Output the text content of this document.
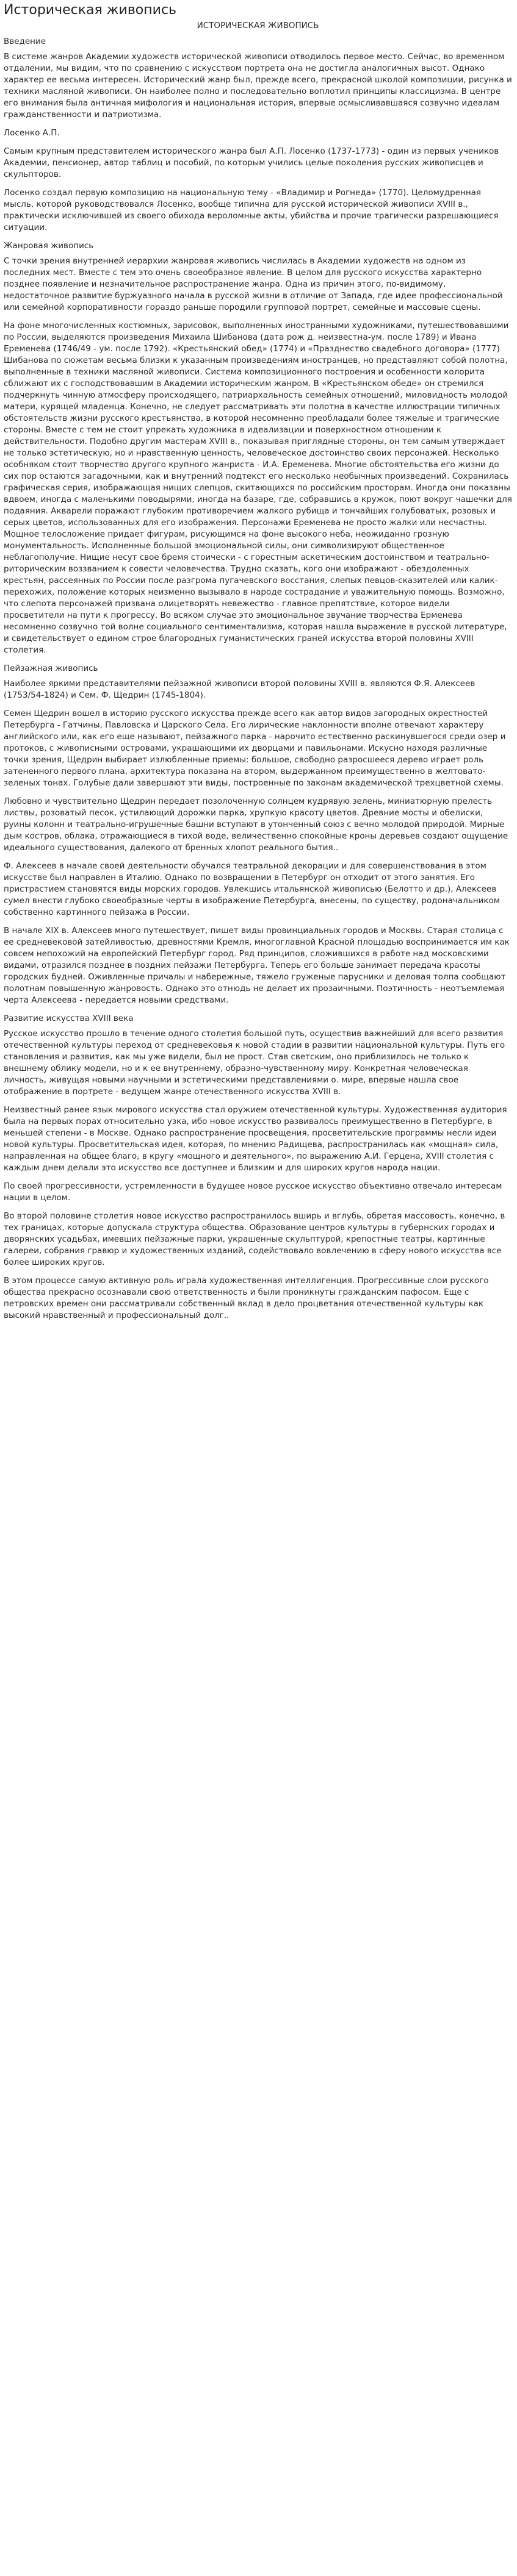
Историческая живопись
ИСТОРИЧЕСКАЯ ЖИВОПИСЬ
Введение

В системе жанров Академии художеств исторической живописи отводилось первое место. Сейчас, во временном отдалении, мы видим, что по сравнению с искусством портрета она не достигла аналогичных высот. Однако характер ее весьма интересен. Исторический жанр был, прежде всего, прекрасной школой композиции, рисунка и техники масляной живописи. Он наиболее полно и последовательно воплотил принципы классицизма. В центре его внимания была античная мифология и национальная история, впервые осмысливавшаяся созвучно идеалам гражданственности и патриотизма.

Лосенко А.П.

Самым крупным представителем исторического жанра был А.П. Лосенко (1737-1773) - один из первых учеников Академии, пенсионер, автор таблиц и пособий, по которым учились целые поколения русских живописцев и скульпторов.

Лосенко создал первую композицию на национальную тему - «Владимир и Рогнеда» (1770). Целомудренная мысль, которой руководствовался Лосенко, вообще типична для русской исторической живописи XVIII в., практически исключившей из своего обихода вероломные акты, убийства и прочие трагически разрешающиеся ситуации.

Жанровая живопись

С точки зрения внутренней иерархии жанровая живопись числилась в Академии художеств на одном из последних мест. Вместе с тем это очень своеобразное явление. В целом для русского искусства характерно позднее появление и незначительное распространение жанра. Одна из причин этого, по-видимому, недостаточное развитие буржуазного начала в русской жизни в отличие от Запада, где идее профессиональной или семейной корпоративности гораздо раньше породили групповой портрет, семейные и массовые сцены.

На фоне многочисленных костюмных, зарисовок, выполненных иностранными художниками, путешествовавшими по России, выделяются произведения Михаила Шибанова (дата рож д. неизвестна-ум. после 1789) и Ивана Еременева (1746/49 - ум. после 1792). «Крестьянский обед» (1774) и «Празднество свадебного договора» (1777) Шибанова по сюжетам весьма близки к указанным произведениям иностранцев, но представляют собой полотна, выполненные в техники масляной живописи. Система композиционного построения и особенности колорита сближают их с господствовавшим в Академии историческим жанром. В «Крестьянском обеде» он стремился подчеркнуть чинную атмосферу происходящего, патриархальность семейных отношений, миловидность молодой матери, курящей младенца. Конечно, не следует рассматривать эти полотна в качестве иллюстрации типичных обстоятельств жизни русского крестьянства, в которой несомненно преобладали более тяжелые и трагические стороны. Вместе с тем не стоит упрекать художника в идеализации и поверхностном отношении к действительности. Подобно другим мастерам XVIII в., показывая приглядные стороны, он тем самым утверждает не только эстетическую, но и нравственную ценность, человеческое достоинство своих персонажей. Несколько особняком стоит творчество другого крупного жанриста - И.А. Еременева. Многие обстоятельства его жизни до сих пор остаются загадочными, как и внутренний подтекст его несколько необычных произведений. Сохранилась графическая серия, изображающая нищих слепцов, скитающихся по российским просторам. Иногда они показаны вдвоем, иногда с маленькими поводырями, иногда на базаре, где, собравшись в кружок, поют вокруг чашечки для подаяния. Акварели поражают глубоким противоречием жалкого рубища и тончайших голубоватых, розовых и серых цветов, использованных для его изображения. Персонажи Еременева не просто жалки или несчастны. Мощное телосложение придает фигурам, рисующимся на фоне высокого неба, неожиданно грозную монументальность. Исполненные большой эмоциональной силы, они символизируют общественное неблагополучие. Нищие несут свое бремя стоически - с горестным аскетическим достоинством и театрально-риторическим воззванием к совести человечества. Трудно сказать, кого они изображают - обездоленных крестьян, рассеянных по России после разгрома пугачевского восстания, слепых певцов-сказителей или калик-перехожих, положение которых неизменно вызывало в народе сострадание и уважительную помощь. Возможно, что слепота персонажей призвана олицетворять невежество - главное препятствие, которое видели просветители на пути к прогрессу. Во всяком случае это эмоциональное звучание творчества Ерменева несомненно созвучно той волне социального сентиментализма, которая нашла выражение в русской литературе, и свидетельствует о едином строе благородных гуманистических граней искусства второй половины XVIII столетия.

Пейзажная живопись

Наиболее яркими представителями пейзажной живописи второй половины XVIII в. являются Ф.Я. Алексеев (1753/54-1824) и Сем. Ф. Щедрин (1745-1804).

Семен Щедрин вошел в историю русского искусства прежде всего как автор видов загородных окрестностей Петербурга - Гатчины, Павловска и Царского Села. Его лирические наклонности вполне отвечают характеру английского или, как его еще называют, пейзажного парка - нарочито естественно раскинувшегося среди озер и протоков, с живописными островами, украшающими их дворцами и павильонами. Искусно находя различные точки зрения, Щедрин выбирает излюбленные приемы: большое, свободно разросшееся дерево играет роль затененного первого плана, архитектура показана на втором, выдержанном преимущественно в желтовато-зеленых тонах. Голубые дали завершают эти виды, построенные по законам академической трехцветной схемы.

Любовно и чувствительно Щедрин передает позолоченную солнцем кудрявую зелень, миниатюрную прелесть листвы, розоватый песок, устилающий дорожки парка, хрупкую красоту цветов. Древние мосты и обелиски, руины колонн и театрально-игрушечные башни вступают в утонченный союз с вечно молодой природой. Мирные дым костров, облака, отражающиеся в тихой воде, величественно спокойные кроны деревьев создают ощущение идеального существования, далекого от бренных хлопот реального бытия..

Ф. Алексеев в начале своей деятельности обучался театральной декорации и для совершенствования в этом искусстве был направлен в Италию. Однако по возвращении в Петербург он отходит от этого занятия. Его пристрастием становятся виды морских городов. Увлекшись итальянской живописью (Белотто и др.), Алексеев сумел внести глубоко своеобразные черты в изображение Петербурга, внесены, по существу, родоначальником собственно картинного пейзажа в России.

В начале XIX в. Алексеев много путешествует, пишет виды провинциальных городов и Москвы. Старая столица с ее средневековой затейливостью, древностями Кремля, многоглавной Красной площадью воспринимается им как совсем непохожий на европейский Петербург город. Ряд принципов, сложившихся в работе над московскими видами, отразился позднее в поздних пейзажи Петербурга. Теперь его больше занимает передача красоты городских будней. Оживленные причалы и набережные, тяжело груженые парусники и деловая толпа сообщают полотнам повышенную жанровость. Однако это отнюдь не делает их прозаичными. Поэтичность - неотъемлемая черта Алексеева - передается новыми средствами.

Развитие искусства XVIII века

Русское искусство прошло в течение одного столетия большой путь, осуществив важнейший для всего развития отечественной культуры переход от средневековья к новой стадии в развитии национальной культуры. Путь его становления и развития, как мы уже видели, был не прост. Став светским, оно приблизилось не только к внешнему облику модели, но и к ее внутреннему, образно-чувственному миру. Конкретная человеческая личность, живущая новыми научными и эстетическими представлениями о. мире, впервые нашла свое отображение в портрете - ведущем жанре отечественного искусства XVIII в.

Неизвестный ранее язык мирового искусства стал оружием отечественной культуры. Художественная аудитория была на первых порах относительно узка, ибо новое искусство развивалось преимущественно в Петербурге, в меньшей степени - в Москве. Однако распространение просвещения, просветительские программы несли идеи новой культуры. Просветительская идея, которая, по мнению Радищева, распространилась как «мощная» сила, направленная на общее благо, в кругу «мощного и деятельного», по выражению А.И. Герцена, XVIII столетия с каждым днем делали это искусство все доступнее и близким и для широких кругов народа нации.

По своей прогрессивности, устремленности в будущее новое русское искусство объективно отвечало интересам нации в целом.

Во второй половине столетия новое искусство распространилось вширь и вглубь, обретая массовость, конечно, в тех границах, которые допускала структура общества. Образование центров культуры в губернских городах и дворянских усадьбах, имевших пейзажные парки, украшенные скульптурой, крепостные театры, картинные галереи, собрания гравюр и художественных изданий, содействовало вовлечению в сферу нового искусства все более широких кругов.

В этом процессе самую активную роль играла художественная интеллигенция. Прогрессивные слои русского общества прекрасно осознавали свою ответственность и были проникнуты гражданским пафосом. Еще с петровских времен они рассматривали собственный вклад в дело процветания отечественной культуры как высокий нравственный и профессиональный долг..
